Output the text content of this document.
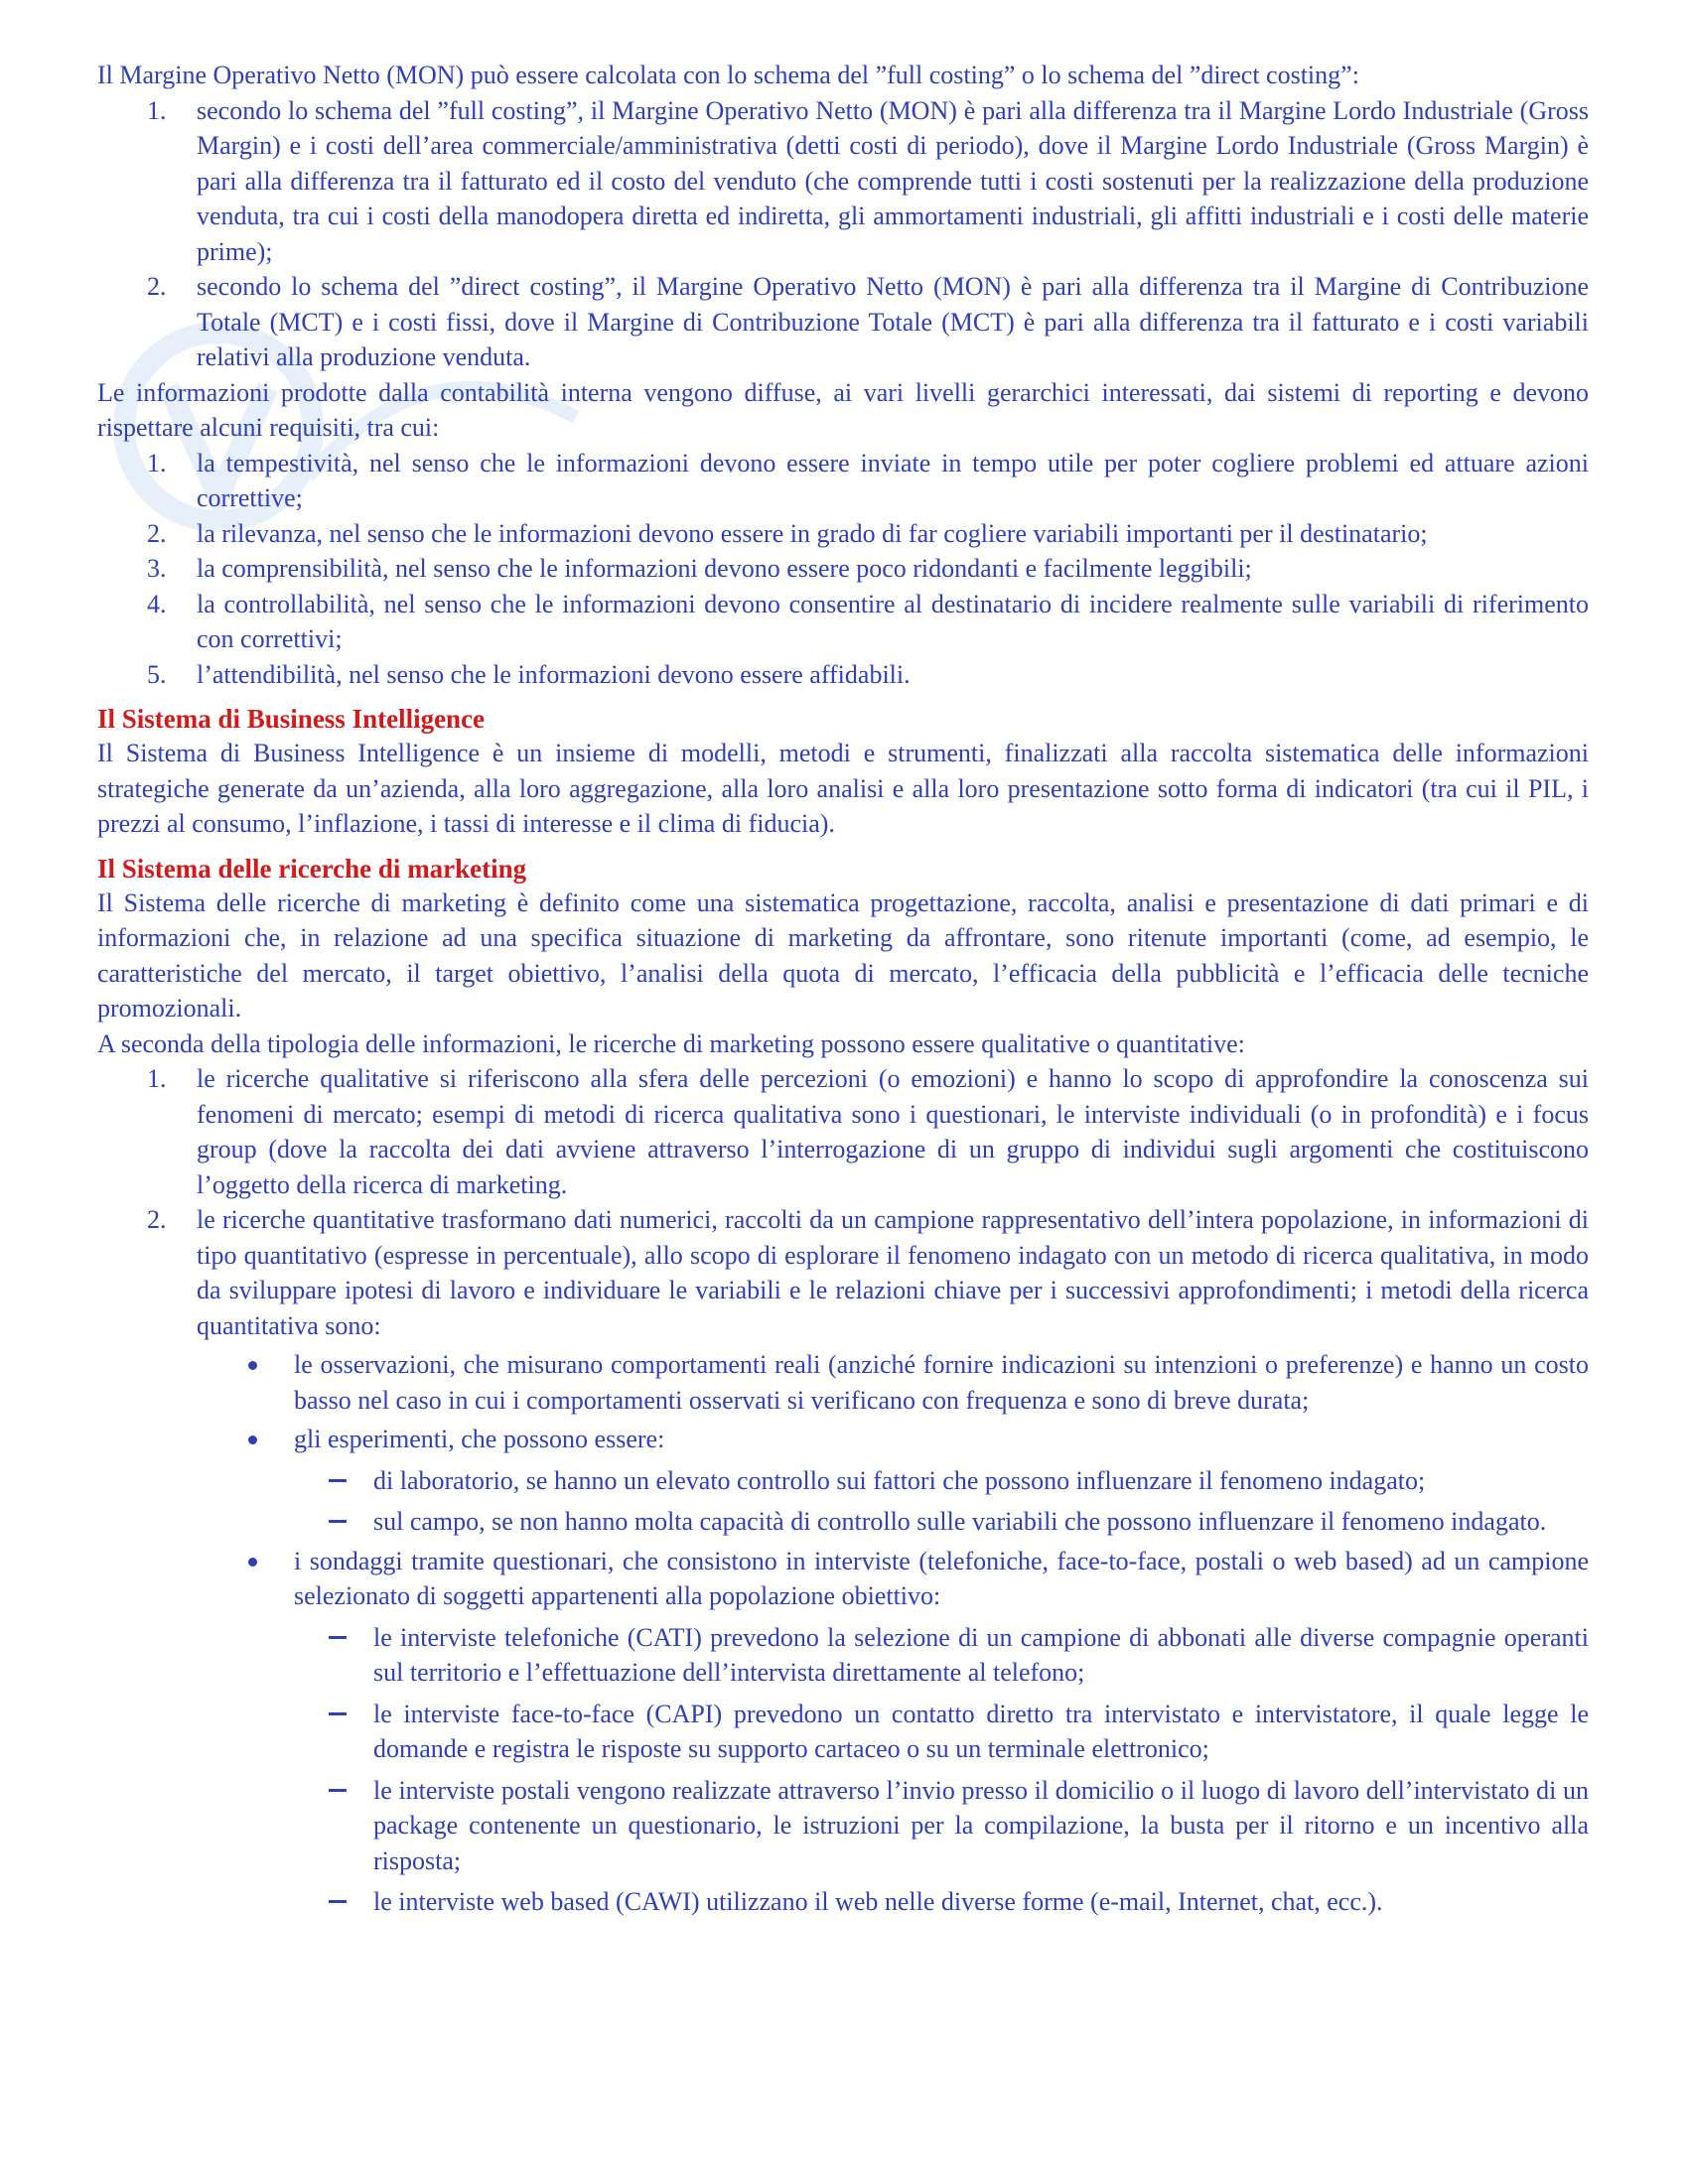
Il Margine Operativo Netto (MON) può essere calcolata con lo schema del ”full costing” o lo schema del ”direct costing”:

1. secondo lo schema del ”full costing”, il Margine Operativo Netto (MON) è pari alla differenza tra il Margine Lordo Industriale (Gross Margin) e i costi dell’area commerciale/amministrativa (detti costi di periodo), dove il Margine Lordo Industriale (Gross Margin) è pari alla differenza tra il fatturato ed il costo del venduto (che comprende tutti i costi sostenuti per la realizzazione della produzione venduta, tra cui i costi della manodopera diretta ed indiretta, gli ammortamenti industriali, gli affitti industriali e i costi delle materie prime);
2. secondo lo schema del ”direct costing”, il Margine Operativo Netto (MON) è pari alla differenza tra il Margine di Contribuzione Totale (MCT) e i costi fissi, dove il Margine di Contribuzione Totale (MCT) è pari alla differenza tra il fatturato e i costi variabili relativi alla produzione venduta.

Le informazioni prodotte dalla contabilità interna vengono diffuse, ai vari livelli gerarchici interessati, dai sistemi di reporting e devono rispettare alcuni requisiti, tra cui:

1. la tempestività, nel senso che le informazioni devono essere inviate in tempo utile per poter cogliere problemi ed attuare azioni correttive;
2. la rilevanza, nel senso che le informazioni devono essere in grado di far cogliere variabili importanti per il destinatario;
3. la comprensibilità, nel senso che le informazioni devono essere poco ridondanti e facilmente leggibili;
4. la controllabilità, nel senso che le informazioni devono consentire al destinatario di incidere realmente sulle variabili di riferimento con correttivi;
5. l’attendibilità, nel senso che le informazioni devono essere affidabili.
Il Sistema di Business Intelligence

Il Sistema di Business Intelligence è un insieme di modelli, metodi e strumenti, finalizzati alla raccolta sistematica delle informazioni strategiche generate da un’azienda, alla loro aggregazione, alla loro analisi e alla loro presentazione sotto forma di indicatori (tra cui il PIL, i prezzi al consumo, l’inflazione, i tassi di interesse e il clima di fiducia).

Il Sistema delle ricerche di marketing

Il Sistema delle ricerche di marketing è definito come una sistematica progettazione, raccolta, analisi e presentazione di dati primari e di informazioni che, in relazione ad una specifica situazione di marketing da affrontare, sono ritenute importanti (come, ad esempio, le caratteristiche del mercato, il target obiettivo, l’analisi della quota di mercato, l’efficacia della pubblicità e l’efficacia delle tecniche promozionali.

A seconda della tipologia delle informazioni, le ricerche di marketing possono essere qualitative o quantitative:

1. le ricerche qualitative si riferiscono alla sfera delle percezioni (o emozioni) e hanno lo scopo di approfondire la conoscenza sui fenomeni di mercato; esempi di metodi di ricerca qualitativa sono i questionari, le interviste individuali (o in profondità) e i focus group (dove la raccolta dei dati avviene attraverso l’interrogazione di un gruppo di individui sugli argomenti che costituiscono l’oggetto della ricerca di marketing.
2. le ricerche quantitative trasformano dati numerici, raccolti da un campione rappresentativo dell’intera popolazione, in informazioni di tipo quantitativo (espresse in percentuale), allo scopo di esplorare il fenomeno indagato con un metodo di ricerca qualitativa, in modo da sviluppare ipotesi di lavoro e individuare le variabili e le relazioni chiave per i successivi approfondimenti; i metodi della ricerca quantitativa sono:
le osservazioni, che misurano comportamenti reali (anziché fornire indicazioni su intenzioni o preferenze) e hanno un costo basso nel caso in cui i comportamenti osservati si verificano con frequenza e sono di breve durata;
gli esperimenti, che possono essere:
di laboratorio, se hanno un elevato controllo sui fattori che possono influenzare il fenomeno indagato;
sul campo, se non hanno molta capacità di controllo sulle variabili che possono influenzare il fenomeno indagato.
i sondaggi tramite questionari, che consistono in interviste (telefoniche, face-to-face, postali o web based) ad un campione selezionato di soggetti appartenenti alla popolazione obiettivo:
le interviste telefoniche (CATI) prevedono la selezione di un campione di abbonati alle diverse compagnie operanti sul territorio e l’effettuazione dell’intervista direttamente al telefono;
le interviste face-to-face (CAPI) prevedono un contatto diretto tra intervistato e intervistatore, il quale legge le domande e registra le risposte su supporto cartaceo o su un terminale elettronico;
le interviste postali vengono realizzate attraverso l’invio presso il domicilio o il luogo di lavoro dell’intervistato di un package contenente un questionario, le istruzioni per la compilazione, la busta per il ritorno e un incentivo alla risposta;
le interviste web based (CAWI) utilizzano il web nelle diverse forme (e-mail, Internet, chat, ecc.).
